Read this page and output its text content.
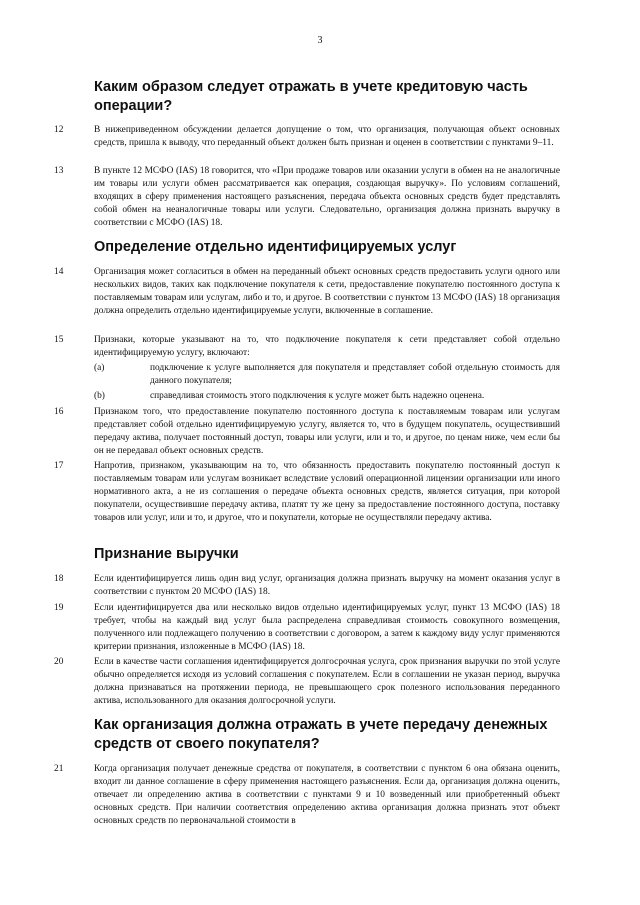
3
Каким образом следует отражать в учете кредитовую часть операции?
12	В нижеприведенном обсуждении делается допущение о том, что организация, получающая объект основных средств, пришла к выводу, что переданный объект должен быть признан и оценен в соответствии с пунктами 9–11.

13	В пункте 12 МСФО (IAS) 18 говорится, что «При продаже товаров или оказании услуги в обмен на не аналогичные им товары или услуги обмен рассматривается как операция, создающая выручку». По условиям соглашений, входящих в сферу применения настоящего разъяснения, передача объекта основных средств будет представлять собой обмен на неаналогичные товары или услуги. Следовательно, организация должна признать выручку в соответствии с МСФО (IAS) 18.

Определение отдельно идентифицируемых услуг
14	Организация может согласиться в обмен на переданный объект основных средств предоставить услуги одного или нескольких видов, таких как подключение покупателя к сети, предоставление покупателю постоянного доступа к поставляемым товарам или услугам, либо и то, и другое. В соответствии с пунктом 13 МСФО (IAS) 18 организация должна определить отдельно идентифицируемые услуги, включенные в соглашение.

15	Признаки, которые указывают на то, что подключение покупателя к сети представляет собой отдельно идентифицируемую услугу, включают:

(a)	подключение к услуге выполняется для покупателя и представляет собой отдельную стоимость для данного покупателя;

(b)	справедливая стоимость этого подключения к услуге может быть надежно оценена.

16	Признаком того, что предоставление покупателю постоянного доступа к поставляемым товарам или услугам представляет собой отдельно идентифицируемую услугу, является то, что в будущем покупатель, осуществивший передачу актива, получает постоянный доступ, товары или услуги, или и то, и другое, по ценам ниже, чем если бы он не передавал объект основных средств.

17	Напротив, признаком, указывающим на то, что обязанность предоставить покупателю постоянный доступ к поставляемым товарам или услугам возникает вследствие условий операционной лицензии организации или иного нормативного акта, а не из соглашения о передаче объекта основных средств, является ситуация, при которой покупатели, осуществившие передачу актива, платят ту же цену за предоставление постоянного доступа, поставку товаров или услуг, или и то, и другое, что и покупатели, которые не осуществляли передачу актива.

Признание выручки
18	Если идентифицируется лишь один вид услуг, организация должна признать выручку на момент оказания услуг в соответствии с пунктом 20 МСФО (IAS) 18.

19	Если идентифицируется два или несколько видов отдельно идентифицируемых услуг, пункт 13 МСФО (IAS) 18 требует, чтобы на каждый вид услуг была распределена справедливая стоимость совокупного возмещения, полученного или подлежащего получению в соответствии с договором, а затем к каждому виду услуг применяются критерии признания, изложенные в МСФО (IAS) 18.

20	Если в качестве части соглашения идентифицируется долгосрочная услуга, срок признания выручки по этой услуге обычно определяется исходя из условий соглашения с покупателем. Если в соглашении не указан период, выручка должна признаваться на протяжении периода, не превышающего срок полезного использования переданного актива, использованного для оказания долгосрочной услуги.

Как организация должна отражать в учете передачу денежных средств от своего покупателя?
21	Когда организация получает денежные средства от покупателя, в соответствии с пунктом 6 она обязана оценить, входит ли данное соглашение в сферу применения настоящего разъяснения. Если да, организация должна оценить, отвечает ли определению актива в соответствии с пунктами 9 и 10 возведенный или приобретенный объект основных средств. При наличии соответствия определению актива организация должна признать этот объект основных средств по первоначальной стоимости в
